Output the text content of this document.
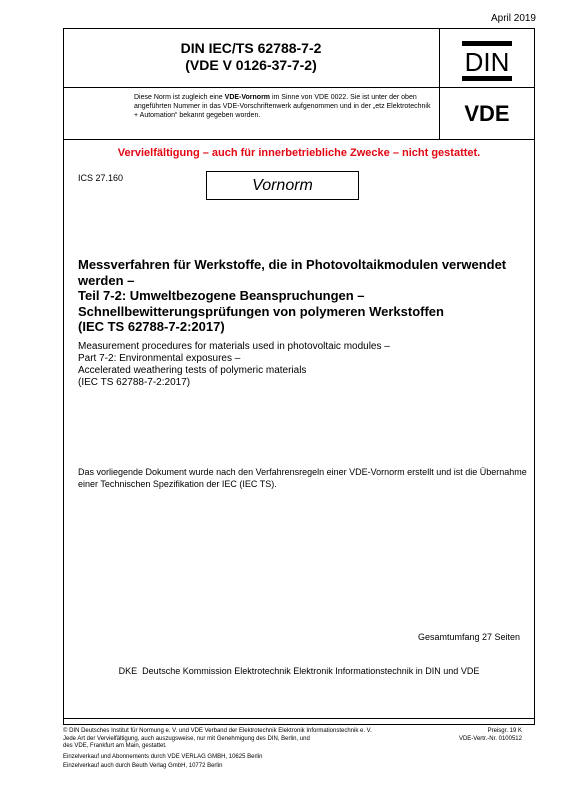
April 2019
DIN IEC/TS 62788-7-2
(VDE V 0126-37-7-2)
Diese Norm ist zugleich eine VDE-Vornorm im Sinne von VDE 0022. Sie ist unter der oben angeführten Nummer in das VDE-Vorschriftenwerk aufgenommen und in der „etz Elektrotechnik + Automation“ bekannt gegeben worden.
DIN
VDE
Vervielfältigung – auch für innerbetriebliche Zwecke – nicht gestattet.
ICS 27.160	Vornorm
Messverfahren für Werkstoffe, die in Photovoltaikmodulen verwendet
werden –
Teil 7-2: Umweltbezogene Beanspruchungen –
Schnellbewitterungsprüfungen von polymeren Werkstoffen
(IEC TS 62788-7-2:2017)
Measurement procedures for materials used in photovoltaic modules –
Part 7-2: Environmental exposures –
Accelerated weathering tests of polymeric materials
(IEC TS 62788-7-2:2017)
Das vorliegende Dokument wurde nach den Verfahrensregeln einer VDE-Vornorm erstellt und ist die Übernahme einer Technischen Spezifikation der IEC (IEC TS).
Gesamtumfang 27 Seiten
DKE  Deutsche Kommission Elektrotechnik Elektronik Informationstechnik in DIN und VDE
© DIN Deutsches Institut für Normung e. V. und VDE Verband der Elektrotechnik Elektronik Informationstechnik e. V.
Jede Art der Vervielfältigung, auch auszugsweise, nur mit Genehmigung des DIN, Berlin, und
des VDE, Frankfurt am Main, gestattet.
Preisgr. 19 K
VDE-Vertr.-Nr. 0100512
Einzelverkauf und Abonnements durch VDE VERLAG GMBH, 10625 Berlin
Einzelverkauf auch durch Beuth Verlag GmbH, 10772 Berlin
